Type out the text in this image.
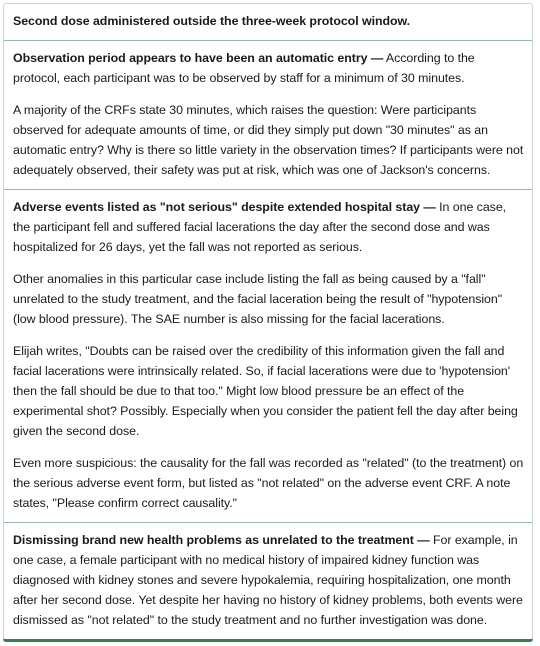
Second dose administered outside the three-week protocol window.

Observation period appears to have been an automatic entry — According to the protocol, each participant was to be observed by staff for a minimum of 30 minutes.

A majority of the CRFs state 30 minutes, which raises the question: Were participants observed for adequate amounts of time, or did they simply put down "30 minutes" as an automatic entry? Why is there so little variety in the observation times? If participants were not adequately observed, their safety was put at risk, which was one of Jackson's concerns.

Adverse events listed as "not serious" despite extended hospital stay — In one case, the participant fell and suffered facial lacerations the day after the second dose and was hospitalized for 26 days, yet the fall was not reported as serious.

Other anomalies in this particular case include listing the fall as being caused by a "fall" unrelated to the study treatment, and the facial laceration being the result of "hypotension" (low blood pressure). The SAE number is also missing for the facial lacerations.

Elijah writes, "Doubts can be raised over the credibility of this information given the fall and facial lacerations were intrinsically related. So, if facial lacerations were due to 'hypotension' then the fall should be due to that too." Might low blood pressure be an effect of the experimental shot? Possibly. Especially when you consider the patient fell the day after being given the second dose.

Even more suspicious: the causality for the fall was recorded as "related" (to the treatment) on the serious adverse event form, but listed as "not related" on the adverse event CRF. A note states, "Please confirm correct causality."

Dismissing brand new health problems as unrelated to the treatment — For example, in one case, a female participant with no medical history of impaired kidney function was diagnosed with kidney stones and severe hypokalemia, requiring hospitalization, one month after her second dose. Yet despite her having no history of kidney problems, both events were dismissed as "not related" to the study treatment and no further investigation was done.
